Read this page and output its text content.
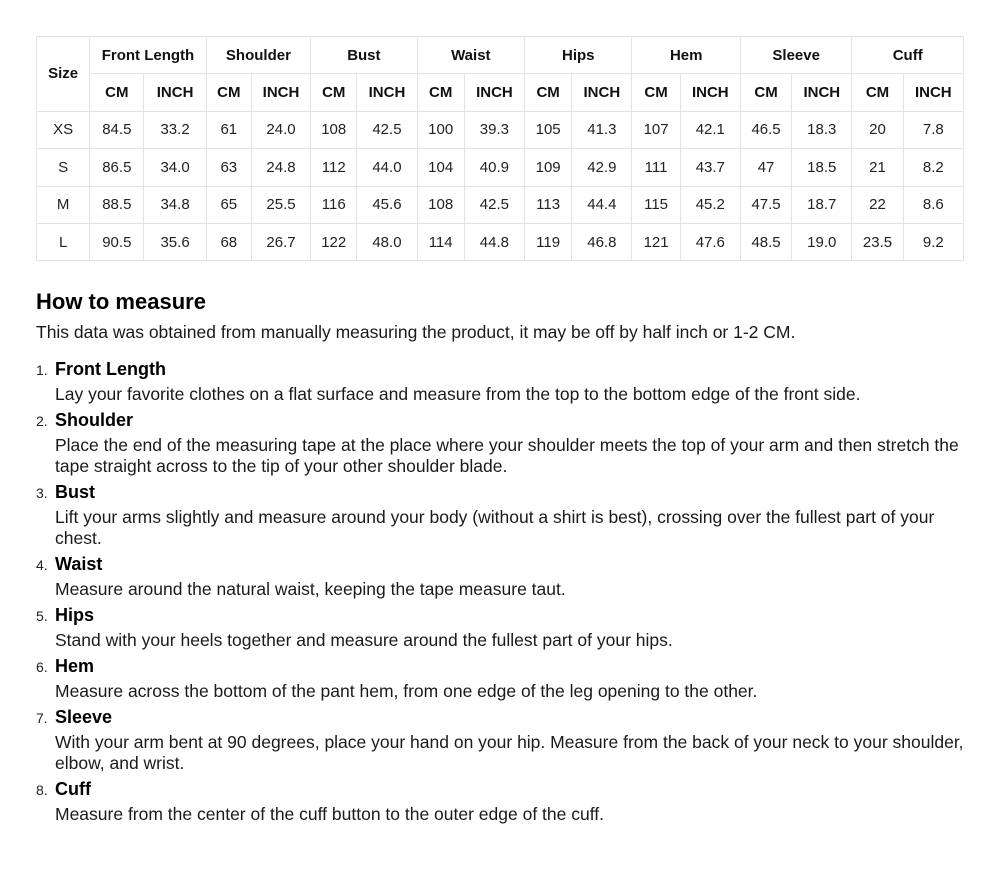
Size	Front Length		Shoulder		Bust		Waist		Hips		Hem		Sleeve		Cuff	
	CM	INCH	CM	INCH	CM	INCH	CM	INCH	CM	INCH	CM	INCH	CM	INCH	CM	INCH
XS	84.5	33.2	61	24.0	108	42.5	100	39.3	105	41.3	107	42.1	46.5	18.3	20	7.8
S	86.5	34.0	63	24.8	112	44.0	104	40.9	109	42.9	111	43.7	47	18.5	21	8.2
M	88.5	34.8	65	25.5	116	45.6	108	42.5	113	44.4	115	45.2	47.5	18.7	22	8.6
L	90.5	35.6	68	26.7	122	48.0	114	44.8	119	46.8	121	47.6	48.5	19.0	23.5	9.2
How to measure

This data was obtained from manually measuring the product, it may be off by half inch or 1-2 CM.

1. Front Length
Lay your favorite clothes on a flat surface and measure from the top to the bottom edge of the front side.
2. Shoulder
Place the end of the measuring tape at the place where your shoulder meets the top of your arm and then stretch the tape straight across to the tip of your other shoulder blade.
3. Bust
Lift your arms slightly and measure around your body (without a shirt is best), crossing over the fullest part of your chest.
4. Waist
Measure around the natural waist, keeping the tape measure taut.
5. Hips
Stand with your heels together and measure around the fullest part of your hips.
6. Hem
Measure across the bottom of the pant hem, from one edge of the leg opening to the other.
7. Sleeve
With your arm bent at 90 degrees, place your hand on your hip. Measure from the back of your neck to your shoulder, elbow, and wrist.
8. Cuff
Measure from the center of the cuff button to the outer edge of the cuff.
